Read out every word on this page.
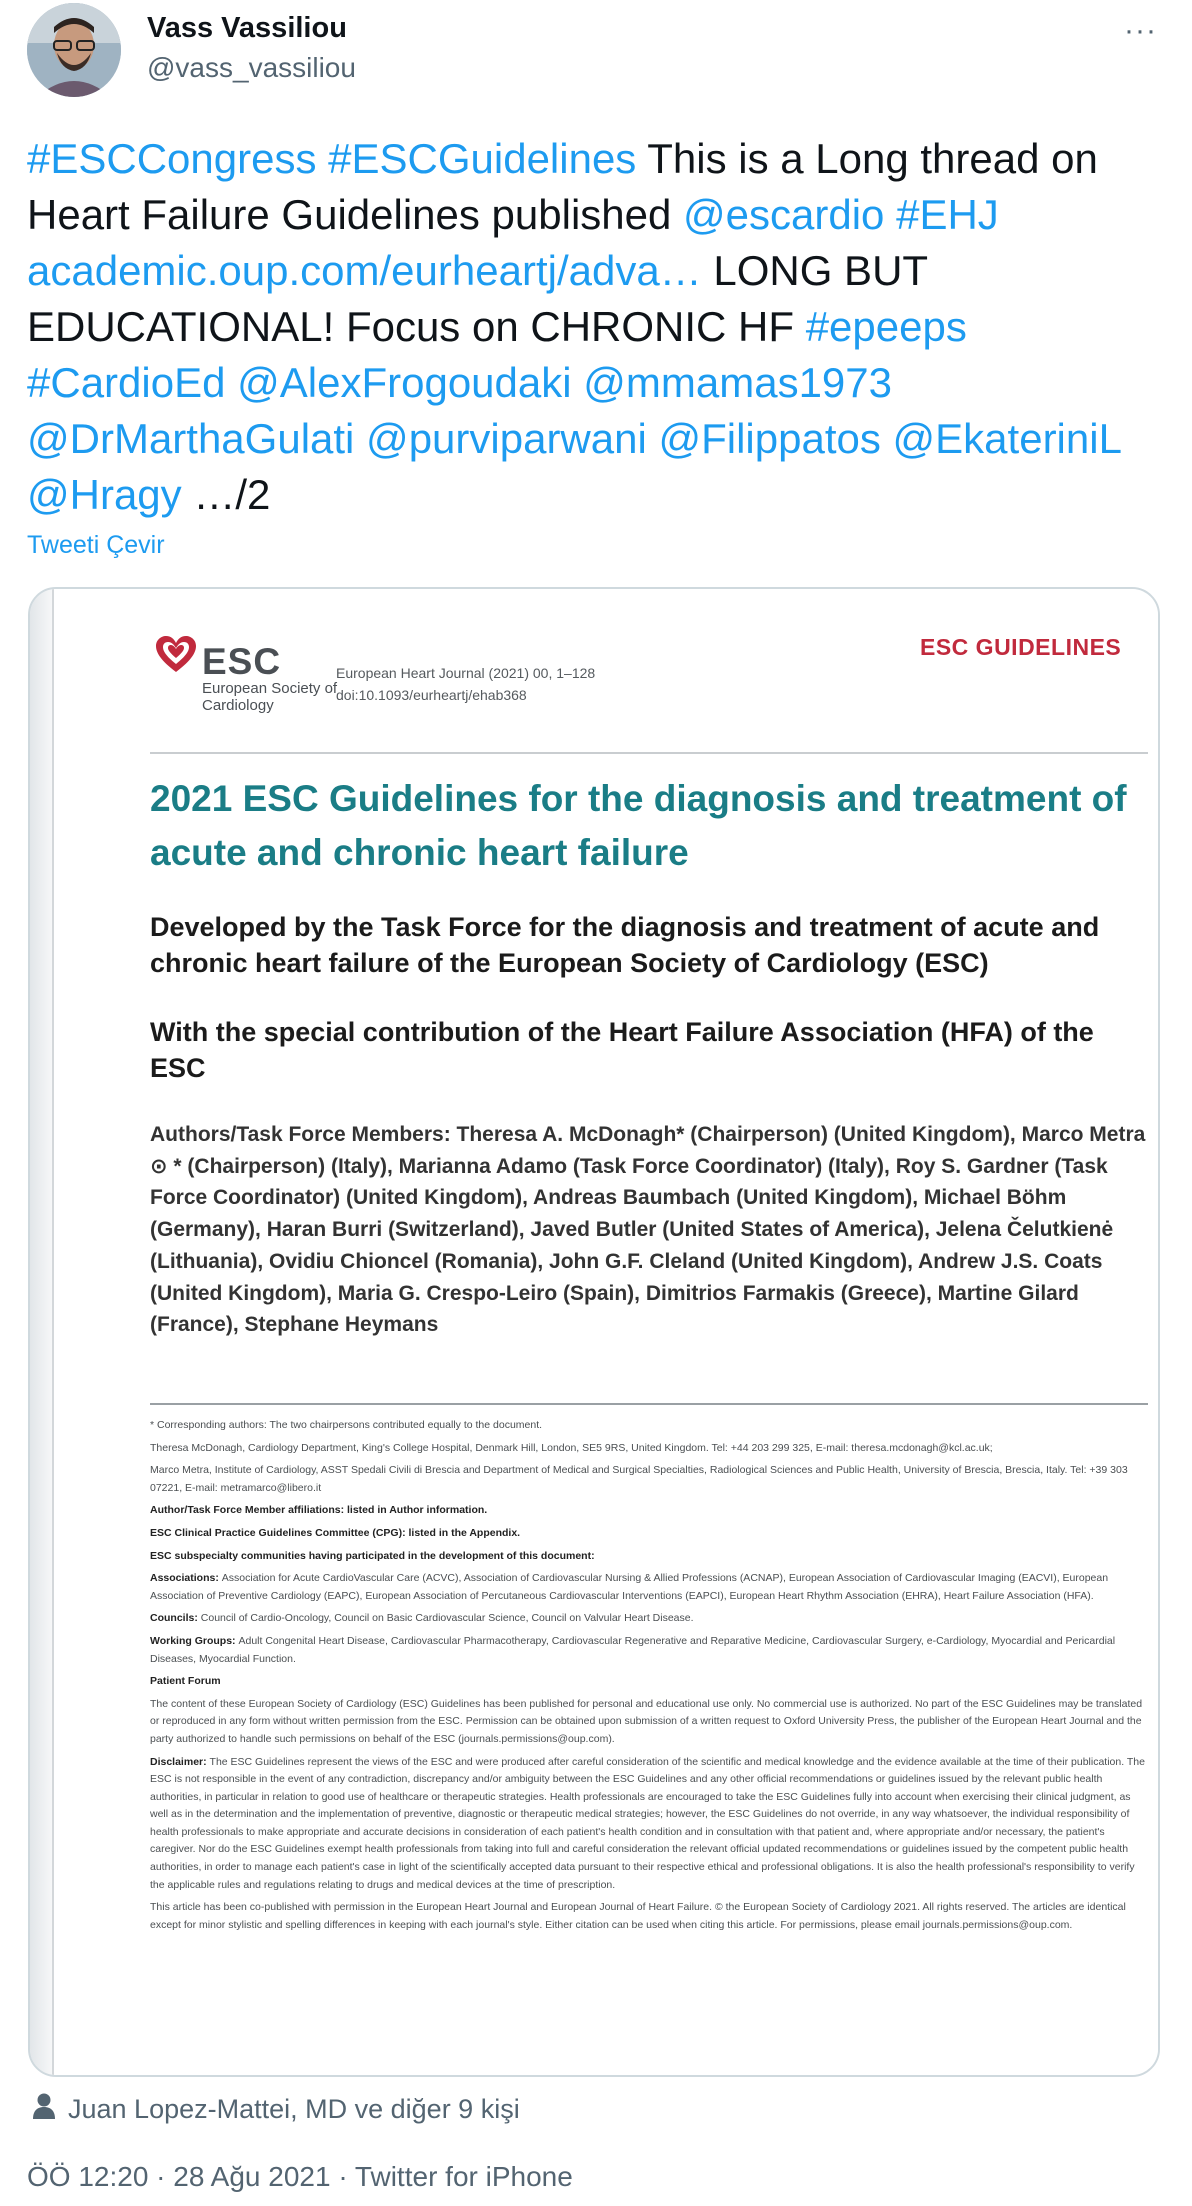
Vass Vassiliou
@vass_vassiliou
···
#ESCCongress #ESCGuidelines This is a Long thread on Heart Failure Guidelines published @escardio #EHJ academic.oup.com/eurheartj/adva… LONG BUT EDUCATIONAL! Focus on CHRONIC HF #epeeps #CardioEd @AlexFrogoudaki @mmamas1973 @DrMarthaGulati @purviparwani @Filippatos @EkateriniL @Hragy …/2
Tweeti Çevir
ESC
European Society of Cardiology
European Heart Journal (2021) 00, 1–128
doi:10.1093/eurheartj/ehab368
ESC GUIDELINES
2021 ESC Guidelines for the diagnosis and treatment of acute and chronic heart failure
Developed by the Task Force for the diagnosis and treatment of acute and chronic heart failure of the European Society of Cardiology (ESC)
With the special contribution of the Heart Failure Association (HFA) of the ESC
Authors/Task Force Members: Theresa A. McDonagh* (Chairperson) (United Kingdom), Marco Metra ⊙ * (Chairperson) (Italy), Marianna Adamo (Task Force Coordinator) (Italy), Roy S. Gardner (Task Force Coordinator) (United Kingdom), Andreas Baumbach (United Kingdom), Michael Böhm (Germany), Haran Burri (Switzerland), Javed Butler (United States of America), Jelena Čelutkienė (Lithuania), Ovidiu Chioncel (Romania), John G.F. Cleland (United Kingdom), Andrew J.S. Coats (United Kingdom), Maria G. Crespo-Leiro (Spain), Dimitrios Farmakis (Greece), Martine Gilard (France), Stephane Heymans

* Corresponding authors: The two chairpersons contributed equally to the document.

Theresa McDonagh, Cardiology Department, King's College Hospital, Denmark Hill, London, SE5 9RS, United Kingdom. Tel: +44 203 299 325, E-mail: theresa.mcdonagh@kcl.ac.uk;

Marco Metra, Institute of Cardiology, ASST Spedali Civili di Brescia and Department of Medical and Surgical Specialties, Radiological Sciences and Public Health, University of Brescia, Brescia, Italy. Tel: +39 303 07221, E-mail: metramarco@libero.it

Author/Task Force Member affiliations: listed in Author information.

ESC Clinical Practice Guidelines Committee (CPG): listed in the Appendix.

ESC subspecialty communities having participated in the development of this document:

Associations: Association for Acute CardioVascular Care (ACVC), Association of Cardiovascular Nursing & Allied Professions (ACNAP), European Association of Cardiovascular Imaging (EACVI), European Association of Preventive Cardiology (EAPC), European Association of Percutaneous Cardiovascular Interventions (EAPCI), European Heart Rhythm Association (EHRA), Heart Failure Association (HFA).

Councils: Council of Cardio-Oncology, Council on Basic Cardiovascular Science, Council on Valvular Heart Disease.

Working Groups: Adult Congenital Heart Disease, Cardiovascular Pharmacotherapy, Cardiovascular Regenerative and Reparative Medicine, Cardiovascular Surgery, e-Cardiology, Myocardial and Pericardial Diseases, Myocardial Function.

Patient Forum

The content of these European Society of Cardiology (ESC) Guidelines has been published for personal and educational use only. No commercial use is authorized. No part of the ESC Guidelines may be translated or reproduced in any form without written permission from the ESC. Permission can be obtained upon submission of a written request to Oxford University Press, the publisher of the European Heart Journal and the party authorized to handle such permissions on behalf of the ESC (journals.permissions@oup.com).

Disclaimer: The ESC Guidelines represent the views of the ESC and were produced after careful consideration of the scientific and medical knowledge and the evidence available at the time of their publication. The ESC is not responsible in the event of any contradiction, discrepancy and/or ambiguity between the ESC Guidelines and any other official recommendations or guidelines issued by the relevant public health authorities, in particular in relation to good use of healthcare or therapeutic strategies. Health professionals are encouraged to take the ESC Guidelines fully into account when exercising their clinical judgment, as well as in the determination and the implementation of preventive, diagnostic or therapeutic medical strategies; however, the ESC Guidelines do not override, in any way whatsoever, the individual responsibility of health professionals to make appropriate and accurate decisions in consideration of each patient's health condition and in consultation with that patient and, where appropriate and/or necessary, the patient's caregiver. Nor do the ESC Guidelines exempt health professionals from taking into full and careful consideration the relevant official updated recommendations or guidelines issued by the competent public health authorities, in order to manage each patient's case in light of the scientifically accepted data pursuant to their respective ethical and professional obligations. It is also the health professional's responsibility to verify the applicable rules and regulations relating to drugs and medical devices at the time of prescription.

This article has been co-published with permission in the European Heart Journal and European Journal of Heart Failure. © the European Society of Cardiology 2021. All rights reserved. The articles are identical except for minor stylistic and spelling differences in keeping with each journal's style. Either citation can be used when citing this article. For permissions, please email journals.permissions@oup.com.

Juan Lopez-Mattei, MD ve diğer 9 kişi
ÖÖ 12:20 · 28 Ağu 2021 · Twitter for iPhone
